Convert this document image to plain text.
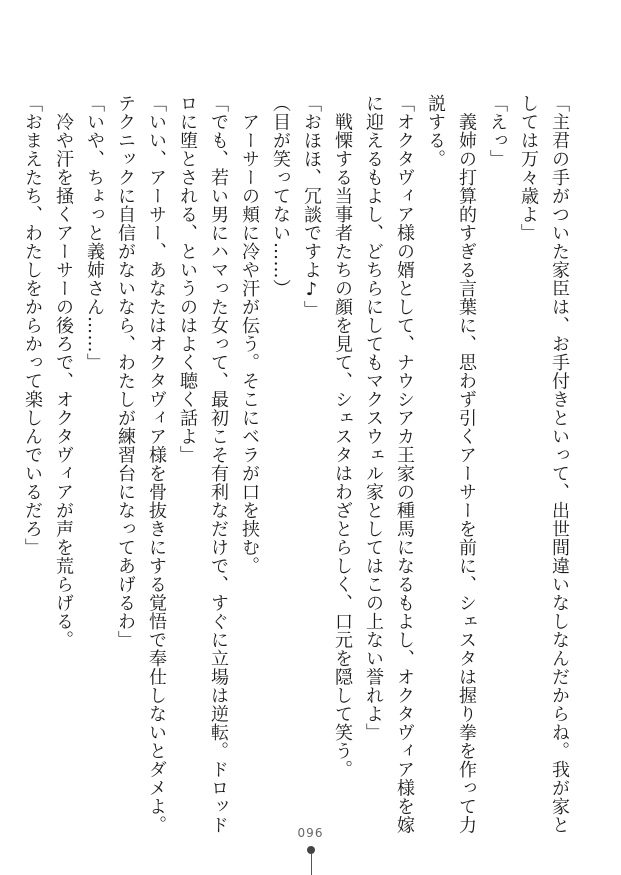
「主君の手がついた家臣は、お手付きといって、出世間違いなしなんだからね。我が家と
しては万々歳よ」
「えっ」
　義姉の打算的すぎる言葉に、思わず引くアーサーを前に、シェスタは握り拳を作って力
説する。
「オクタヴィア様の婿として、ナウシアカ王家の種馬になるもよし、オクタヴィア様を嫁
に迎えるもよし、どちらにしてもマクスウェル家としてはこの上ない誉れよ」
　戦慄する当事者たちの顔を見て、シェスタはわざとらしく、口元を隠して笑う。
「おほほ、冗談ですよ♪」
（目が笑ってない……）
　アーサーの頬に冷や汗が伝う。そこにベラが口を挟む。
「でも、若い男にハマった女って、最初こそ有利なだけで、すぐに立場は逆転。ドロッド
ロに堕とされる、というのはよく聴く話よ」
「いい、アーサー、あなたはオクタヴィア様を骨抜きにする覚悟で奉仕しないとダメよ。
テクニックに自信がないなら、わたしが練習台になってあげるわ」
「いや、ちょっと義姉さん……」
　冷や汗を掻くアーサーの後ろで、オクタヴィアが声を荒らげる。
「おまえたち、わたしをからかって楽しんでいるだろ」
096
